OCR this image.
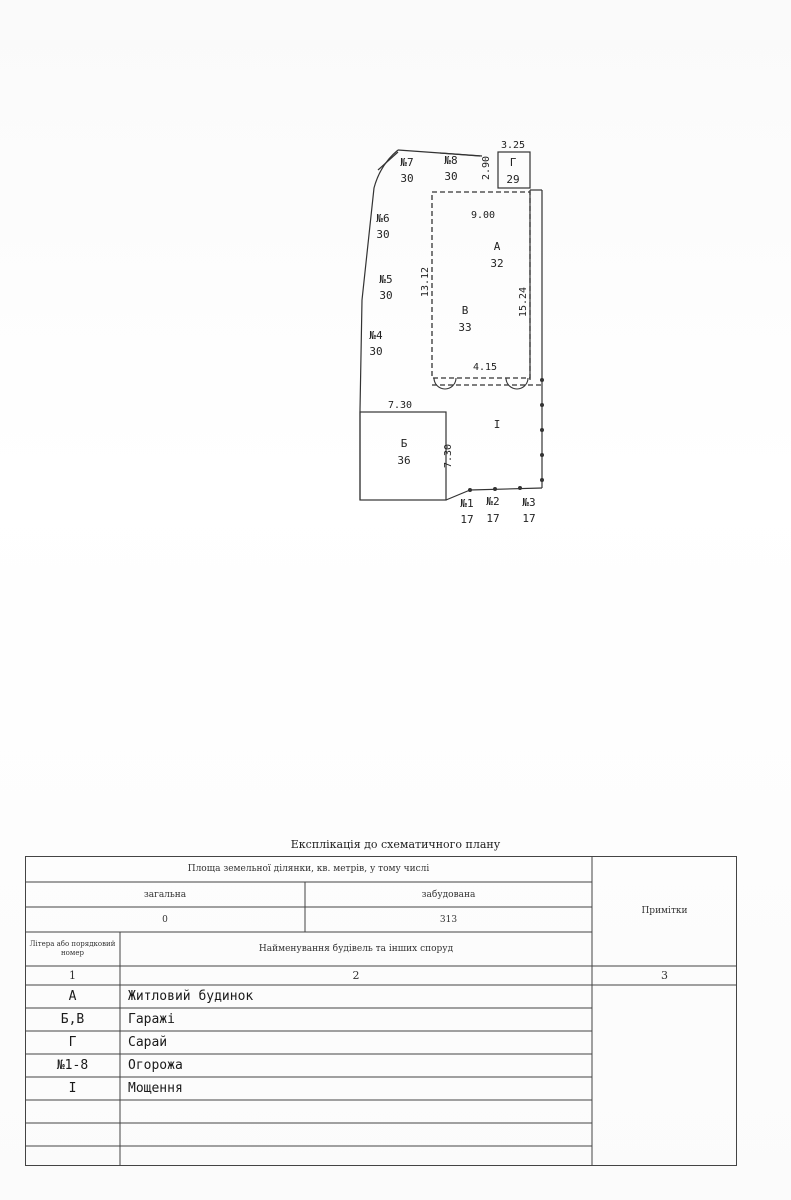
А
32
В
33
Б
36
Г
29
І
№7
30
№8
30
№6
30
№5
30
№4
30
№1
17
№2
17
№3
17
3.25
2.90
9.00
13.12
15.24
4.15
7.30
7.30
Експлікація до схематичного плану
Площа земельної ділянки, кв. метрів, у тому числі
загальна	забудована
0	313
Примітки
Літера або порядковий номер	Найменування будівель та інших споруд
1	2	3
А	Житловий будинок
Б,В	Гаражі
Г	Сарай
№1-8	Огорожа
І	Мощення
